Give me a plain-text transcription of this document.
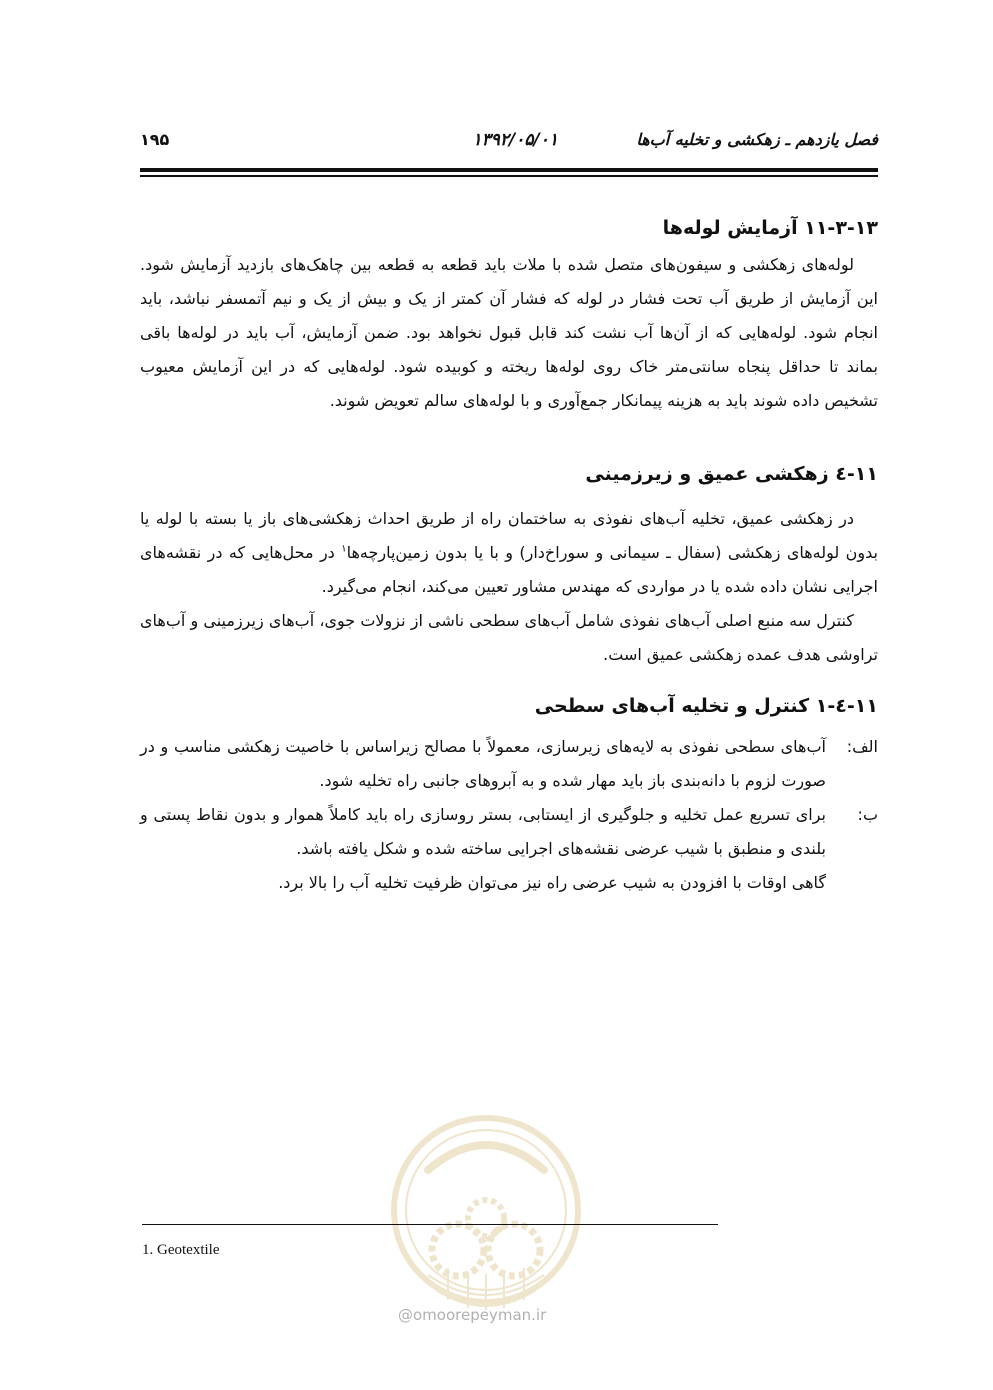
فصل یازدهم ـ زهکشی و تخلیه آب‌ها
۱۳۹۲/۰۵/۰۱
۱۹۵
۱۱-۳-۱۳ آزمایش لوله‌ها

لوله‌های زهکشی و سیفون‌های متصل شده با ملات باید قطعه به قطعه بین چاهک‌های بازدید آزمایش شود. این آزمایش از طریق آب تحت فشار در لوله که فشار آن کمتر از یک و بیش از یک و نیم آتمسفر نباشد، باید انجام شود. لوله‌هایی که از آن‌ها آب نشت کند قابل قبول نخواهد بود. ضمن آزمایش، آب باید در لوله‌ها باقی بماند تا حداقل پنجاه سانتی‌متر خاک روی لوله‌ها ریخته و کوبیده شود. لوله‌هایی که در این آزمایش معیوب تشخیص داده شوند باید به هزینه پیمانکار جمع‌آوری و با لوله‌های سالم تعویض شوند.

۱۱-٤ زهکشی عمیق و زیرزمینی

در زهکشی عمیق، تخلیه آب‌های نفوذی به ساختمان راه از طریق احداث زهکشی‌های باز یا بسته با لوله یا بدون لوله‌های زهکشی (سفال ـ سیمانی و سوراخ‌دار) و با یا بدون زمین‌پارچه‌ها$^۱$ در محل‌هایی که در نقشه‌های اجرایی نشان داده شده یا در مواردی که مهندس مشاور تعیین می‌کند، انجام می‌گیرد.

کنترل سه منبع اصلی آب‌های نفوذی شامل آب‌های سطحی ناشی از نزولات جوی، آب‌های زیرزمینی و آب‌های تراوشی هدف عمده زهکشی عمیق است.

۱۱-٤-۱ کنترل و تخلیه آب‌های سطحی
الف:

آب‌های سطحی نفوذی به لایه‌های زیرسازی، معمولاً با مصالح زیراساس با خاصیت زهکشی مناسب و در صورت لزوم با دانه‌بندی باز باید مهار شده و به آبروهای جانبی راه تخلیه شود.

ب:

برای تسریع عمل تخلیه و جلوگیری از ایستابی، بستر روسازی راه باید کاملاً هموار و بدون نقاط پستی و بلندی و منطبق با شیب عرضی نقشه‌های اجرایی ساخته شده و شکل یافته باشد.

گاهی اوقات با افزودن به شیب عرضی راه نیز می‌توان ظرفیت تخلیه آب را بالا برد.

@omoorepeyman.ir
1. Geotextile
